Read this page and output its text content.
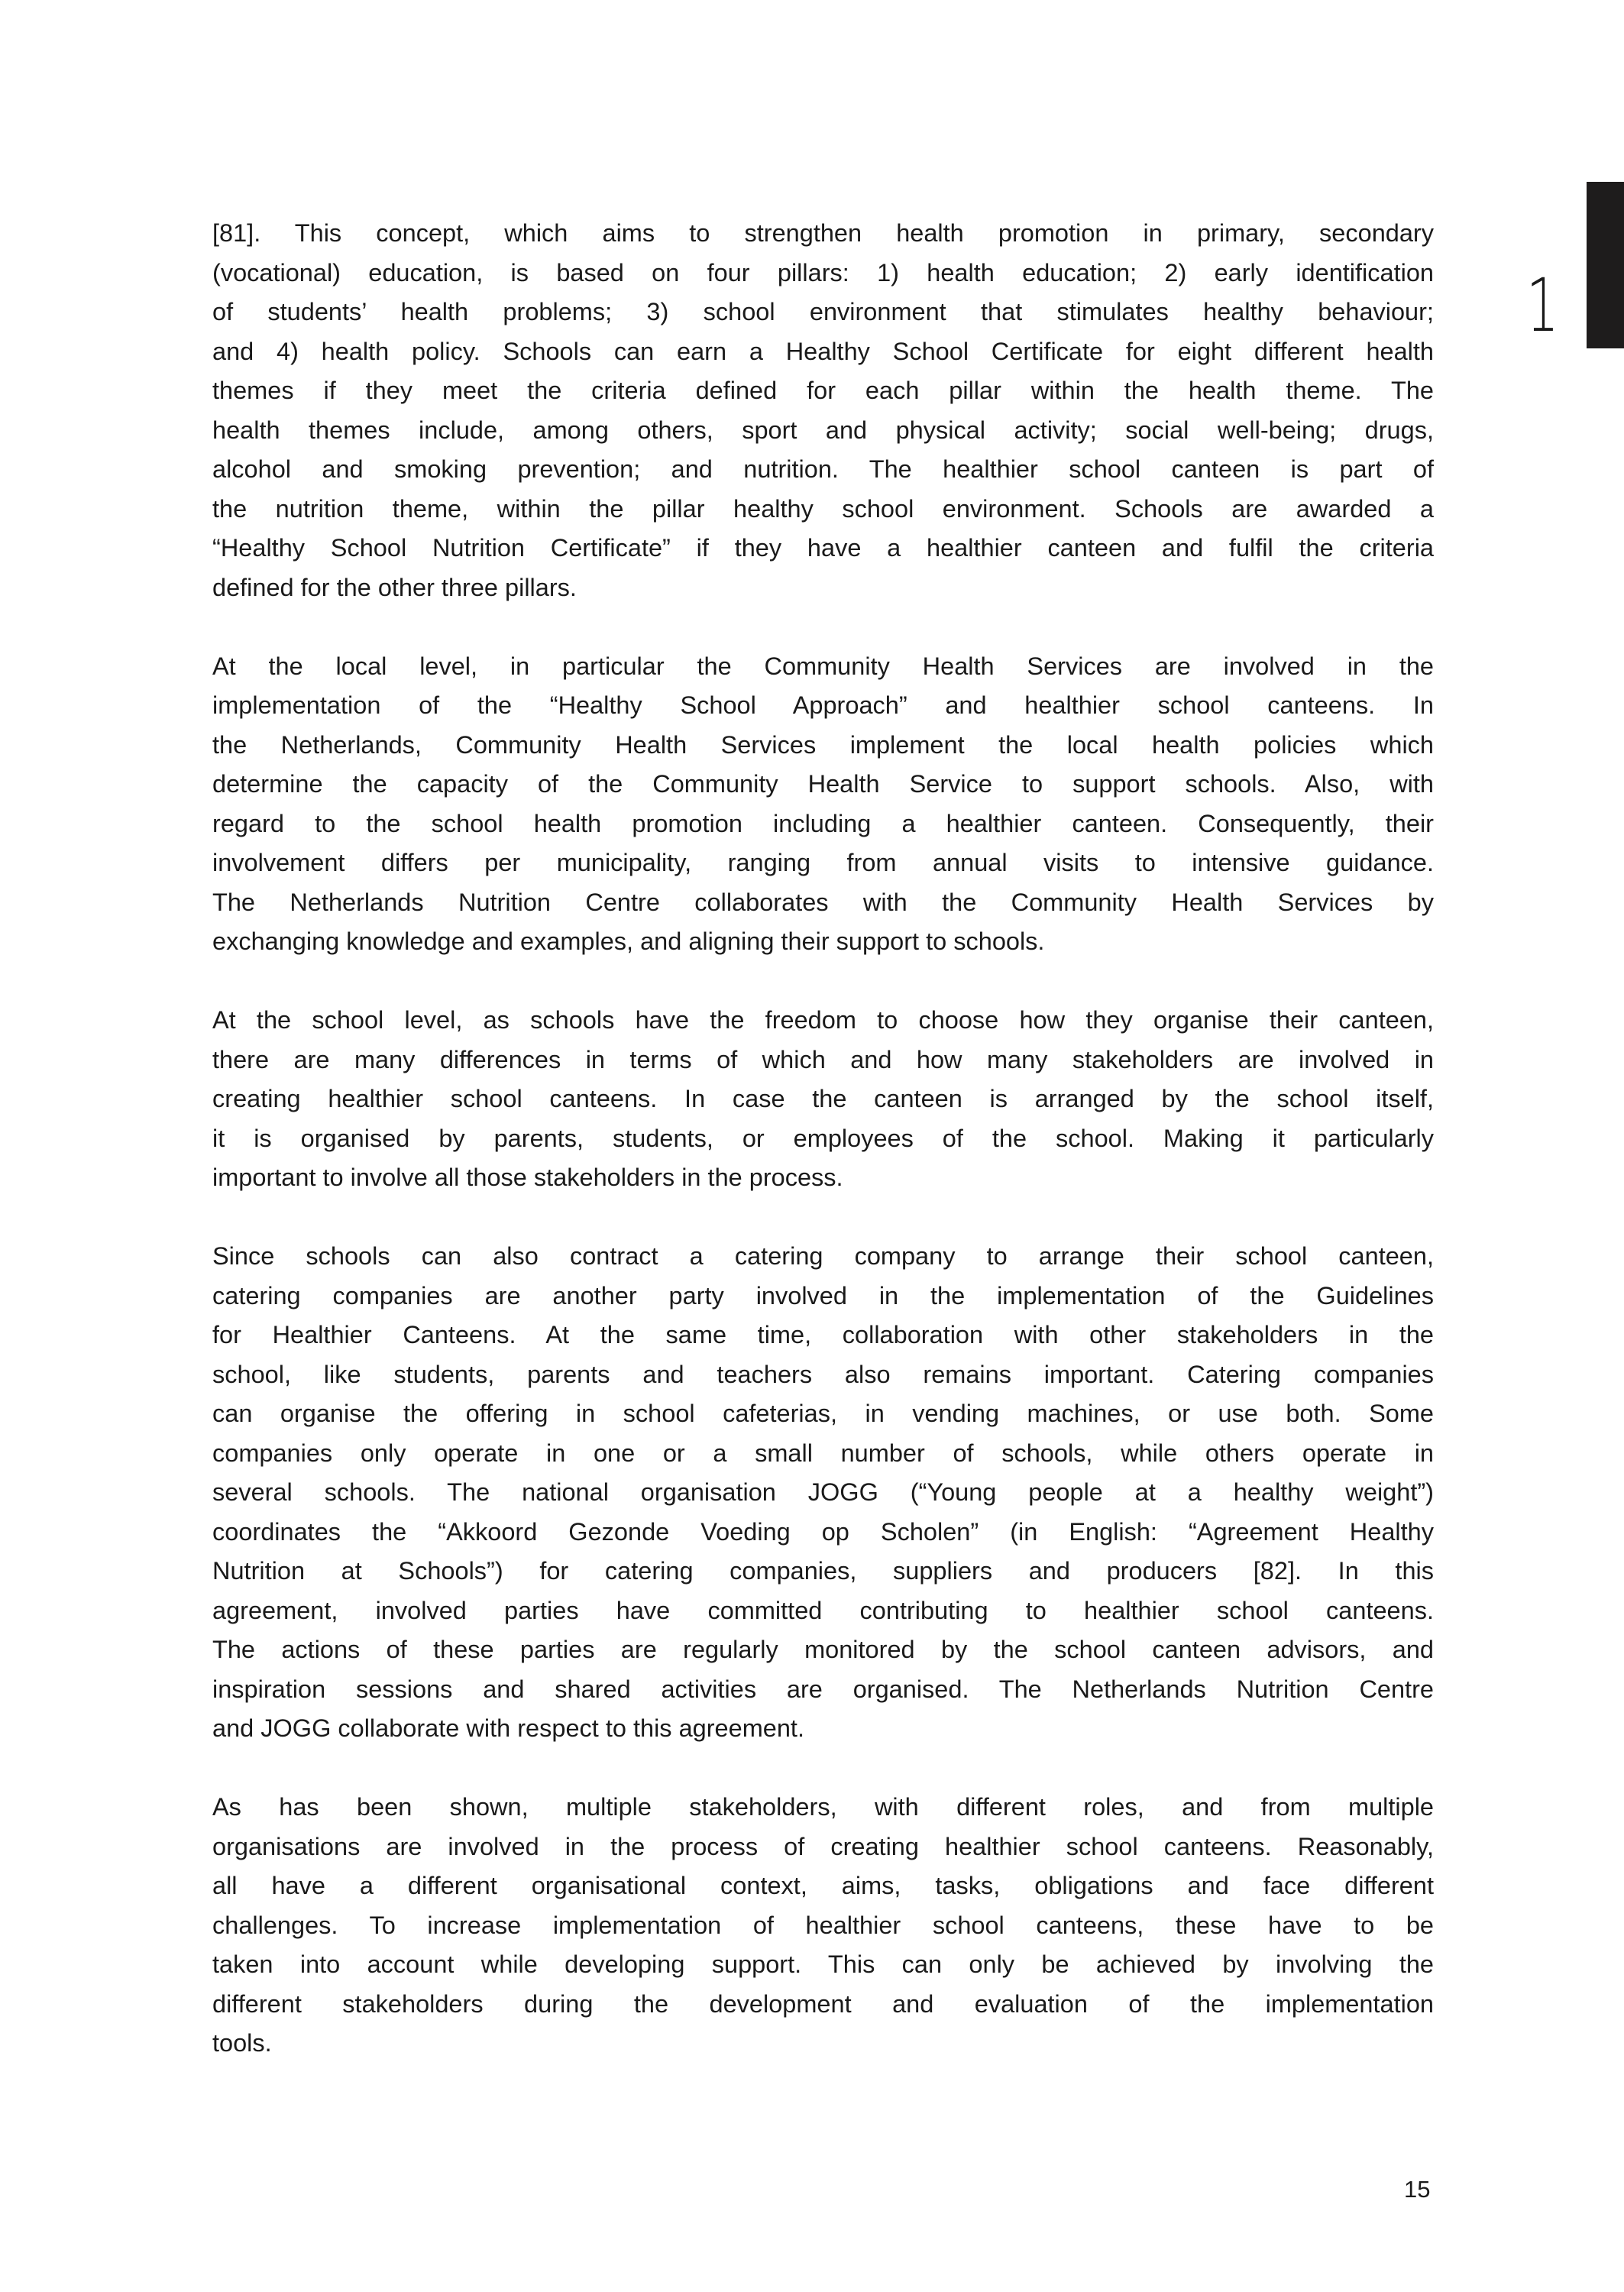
1
[81]. This concept, which aims to strengthen health promotion in primary, secondary
(vocational) education, is based on four pillars: 1) health education; 2) early identification
of students’ health problems; 3) school environment that stimulates healthy behaviour;
and 4) health policy. Schools can earn a Healthy School Certificate for eight different health
themes if they meet the criteria defined for each pillar within the health theme. The
health themes include, among others, sport and physical activity; social well-being; drugs,
alcohol and smoking prevention; and nutrition. The healthier school canteen is part of
the nutrition theme, within the pillar healthy school environment. Schools are awarded a
“Healthy School Nutrition Certificate” if they have a healthier canteen and fulfil the criteria
defined for the other three pillars.
At the local level, in particular the Community Health Services are involved in the
implementation of the “Healthy School Approach” and healthier school canteens. In
the Netherlands, Community Health Services implement the local health policies which
determine the capacity of the Community Health Service to support schools. Also, with
regard to the school health promotion including a healthier canteen. Consequently, their
involvement differs per municipality, ranging from annual visits to intensive guidance.
The Netherlands Nutrition Centre collaborates with the Community Health Services by
exchanging knowledge and examples, and aligning their support to schools.
At the school level, as schools have the freedom to choose how they organise their canteen,
there are many differences in terms of which and how many stakeholders are involved in
creating healthier school canteens. In case the canteen is arranged by the school itself,
it is organised by parents, students, or employees of the school. Making it particularly
important to involve all those stakeholders in the process.
Since schools can also contract a catering company to arrange their school canteen,
catering companies are another party involved in the implementation of the Guidelines
for Healthier Canteens. At the same time, collaboration with other stakeholders in the
school, like students, parents and teachers also remains important. Catering companies
can organise the offering in school cafeterias, in vending machines, or use both. Some
companies only operate in one or a small number of schools, while others operate in
several schools. The national organisation JOGG (“Young people at a healthy weight”)
coordinates the “Akkoord Gezonde Voeding op Scholen” (in English: “Agreement Healthy
Nutrition at Schools”) for catering companies, suppliers and producers [82]. In this
agreement, involved parties have committed contributing to healthier school canteens.
The actions of these parties are regularly monitored by the school canteen advisors, and
inspiration sessions and shared activities are organised. The Netherlands Nutrition Centre
and JOGG collaborate with respect to this agreement.
As has been shown, multiple stakeholders, with different roles, and from multiple
organisations are involved in the process of creating healthier school canteens. Reasonably,
all have a different organisational context, aims, tasks, obligations and face different
challenges. To increase implementation of healthier school canteens, these have to be
taken into account while developing support. This can only be achieved by involving the
different stakeholders during the development and evaluation of the implementation
tools.
15
